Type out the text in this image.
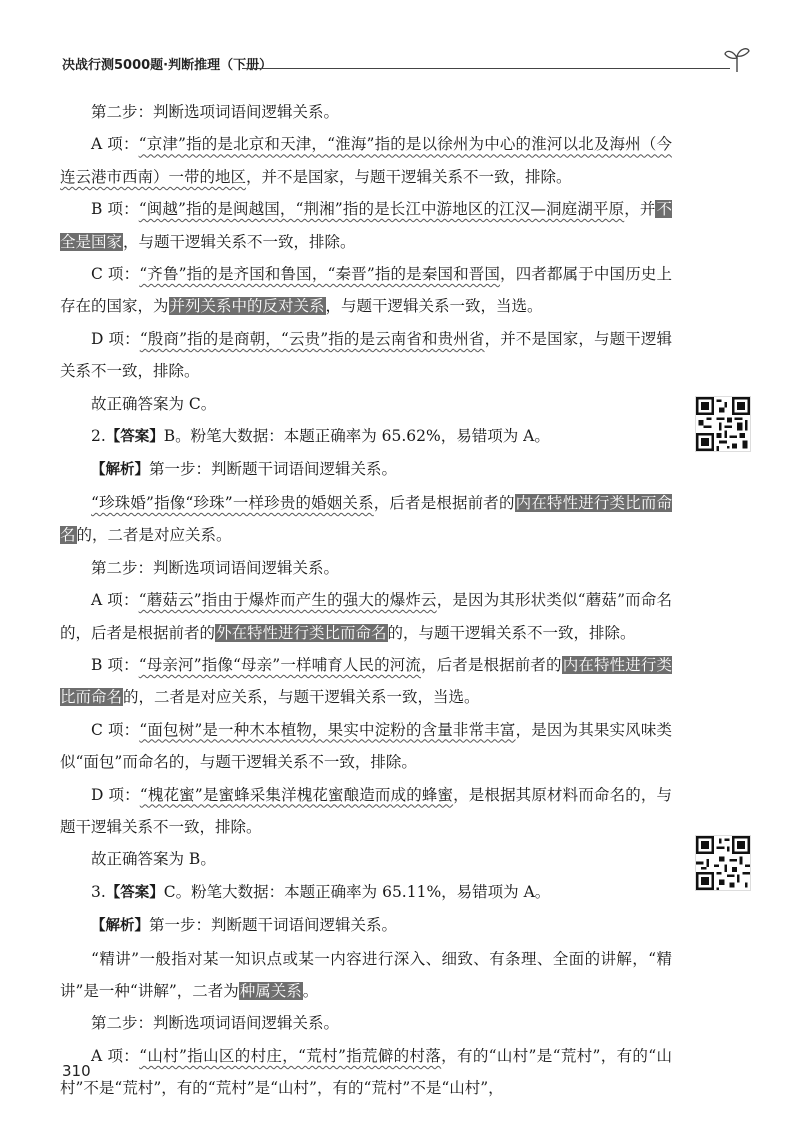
决战行测5000题·判断推理（下册）

第二步：判断选项词语间逻辑关系。

A 项：“京津”指的是北京和天津，“淮海”指的是以徐州为中心的淮河以北及海州（今连云港市西南）一带的地区，并不是国家，与题干逻辑关系不一致，排除。

B 项：“闽越”指的是闽越国，“荆湘”指的是长江中游地区的江汉—洞庭湖平原，并不全是国家，与题干逻辑关系不一致，排除。

C 项：“齐鲁”指的是齐国和鲁国，“秦晋”指的是秦国和晋国，四者都属于中国历史上存在的国家，为并列关系中的反对关系，与题干逻辑关系一致，当选。

D 项：“殷商”指的是商朝，“云贵”指的是云南省和贵州省，并不是国家，与题干逻辑关系不一致，排除。

故正确答案为 C。

2.【答案】B。粉笔大数据：本题正确率为 65.62%，易错项为 A。

【解析】第一步：判断题干词语间逻辑关系。

“珍珠婚”指像“珍珠”一样珍贵的婚姻关系，后者是根据前者的内在特性进行类比而命名的，二者是对应关系。

第二步：判断选项词语间逻辑关系。

A 项：“蘑菇云”指由于爆炸而产生的强大的爆炸云，是因为其形状类似“蘑菇”而命名的，后者是根据前者的外在特性进行类比而命名的，与题干逻辑关系不一致，排除。

B 项：“母亲河”指像“母亲”一样哺育人民的河流，后者是根据前者的内在特性进行类比而命名的，二者是对应关系，与题干逻辑关系一致，当选。

C 项：“面包树”是一种木本植物，果实中淀粉的含量非常丰富，是因为其果实风味类似“面包”而命名的，与题干逻辑关系不一致，排除。

D 项：“槐花蜜”是蜜蜂采集洋槐花蜜酿造而成的蜂蜜，是根据其原材料而命名的，与题干逻辑关系不一致，排除。

故正确答案为 B。

3.【答案】C。粉笔大数据：本题正确率为 65.11%，易错项为 A。

【解析】第一步：判断题干词语间逻辑关系。

“精讲”一般指对某一知识点或某一内容进行深入、细致、有条理、全面的讲解，“精讲”是一种“讲解”，二者为种属关系。

第二步：判断选项词语间逻辑关系。

A 项：“山村”指山区的村庄，“荒村”指荒僻的村落，有的“山村”是“荒村”，有的“山村”不是“荒村”，有的“荒村”是“山村”，有的“荒村”不是“山村”，

310
